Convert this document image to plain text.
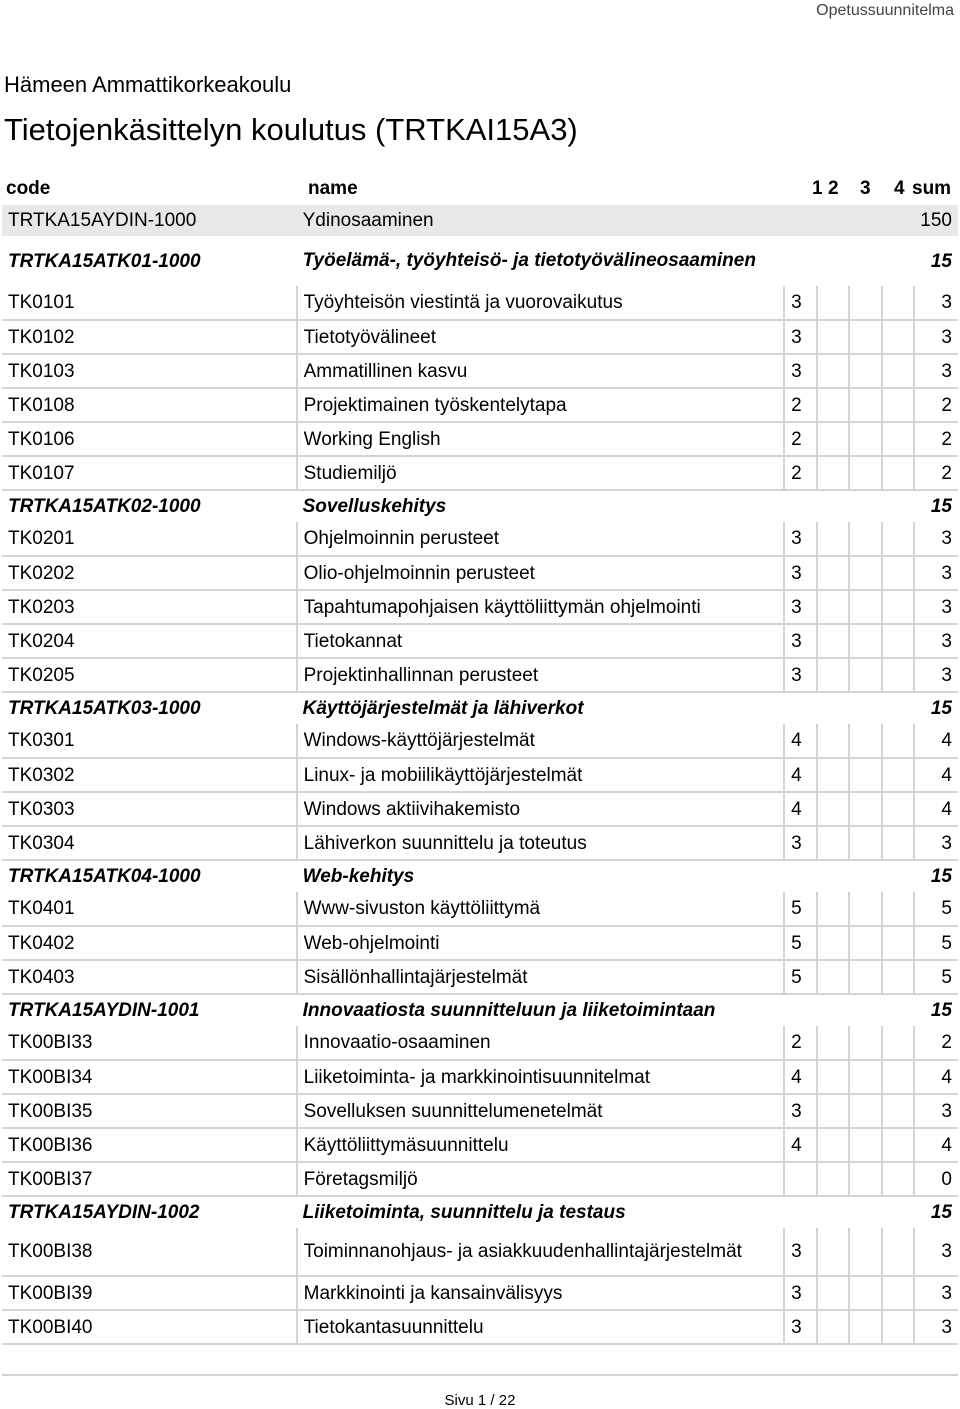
Opetussuunnitelma
Hämeen Ammattikorkeakoulu
Tietojenkäsittelyn koulutus (TRTKAI15A3)
code	name	1 2 3 4 sum
TRTKA15AYDIN-1000	Ydinosaaminen					150
TRTKA15ATK01-1000	Työelämä-, työyhteisö- ja tietotyövälineosaaminen					15
TK0101	Työyhteisön viestintä ja vuorovaikutus	3				3
TK0102	Tietotyövälineet	3				3
TK0103	Ammatillinen kasvu	3				3
TK0108	Projektimainen työskentelytapa	2				2
TK0106	Working English	2				2
TK0107	Studiemiljö	2				2
TRTKA15ATK02-1000	Sovelluskehitys					15
TK0201	Ohjelmoinnin perusteet	3				3
TK0202	Olio-ohjelmoinnin perusteet	3				3
TK0203	Tapahtumapohjaisen käyttöliittymän ohjelmointi	3				3
TK0204	Tietokannat	3				3
TK0205	Projektinhallinnan perusteet	3				3
TRTKA15ATK03-1000	Käyttöjärjestelmät ja lähiverkot					15
TK0301	Windows-käyttöjärjestelmät	4				4
TK0302	Linux- ja mobiilikäyttöjärjestelmät	4				4
TK0303	Windows aktiivihakemisto	4				4
TK0304	Lähiverkon suunnittelu ja toteutus	3				3
TRTKA15ATK04-1000	Web-kehitys					15
TK0401	Www-sivuston käyttöliittymä	5				5
TK0402	Web-ohjelmointi	5				5
TK0403	Sisällönhallintajärjestelmät	5				5
TRTKA15AYDIN-1001	Innovaatiosta suunnitteluun ja liiketoimintaan					15
TK00BI33	Innovaatio-osaaminen	2				2
TK00BI34	Liiketoiminta- ja markkinointisuunnitelmat	4				4
TK00BI35	Sovelluksen suunnittelumenetelmät	3				3
TK00BI36	Käyttöliittymäsuunnittelu	4				4
TK00BI37	Företagsmiljö					0
TRTKA15AYDIN-1002	Liiketoiminta, suunnittelu ja testaus					15
TK00BI38	Toiminnanohjaus- ja asiakkuudenhallintajärjestelmät	3				3
TK00BI39	Markkinointi ja kansainvälisyys	3				3
TK00BI40	Tietokantasuunnittelu	3				3
Sivu 1 / 22
